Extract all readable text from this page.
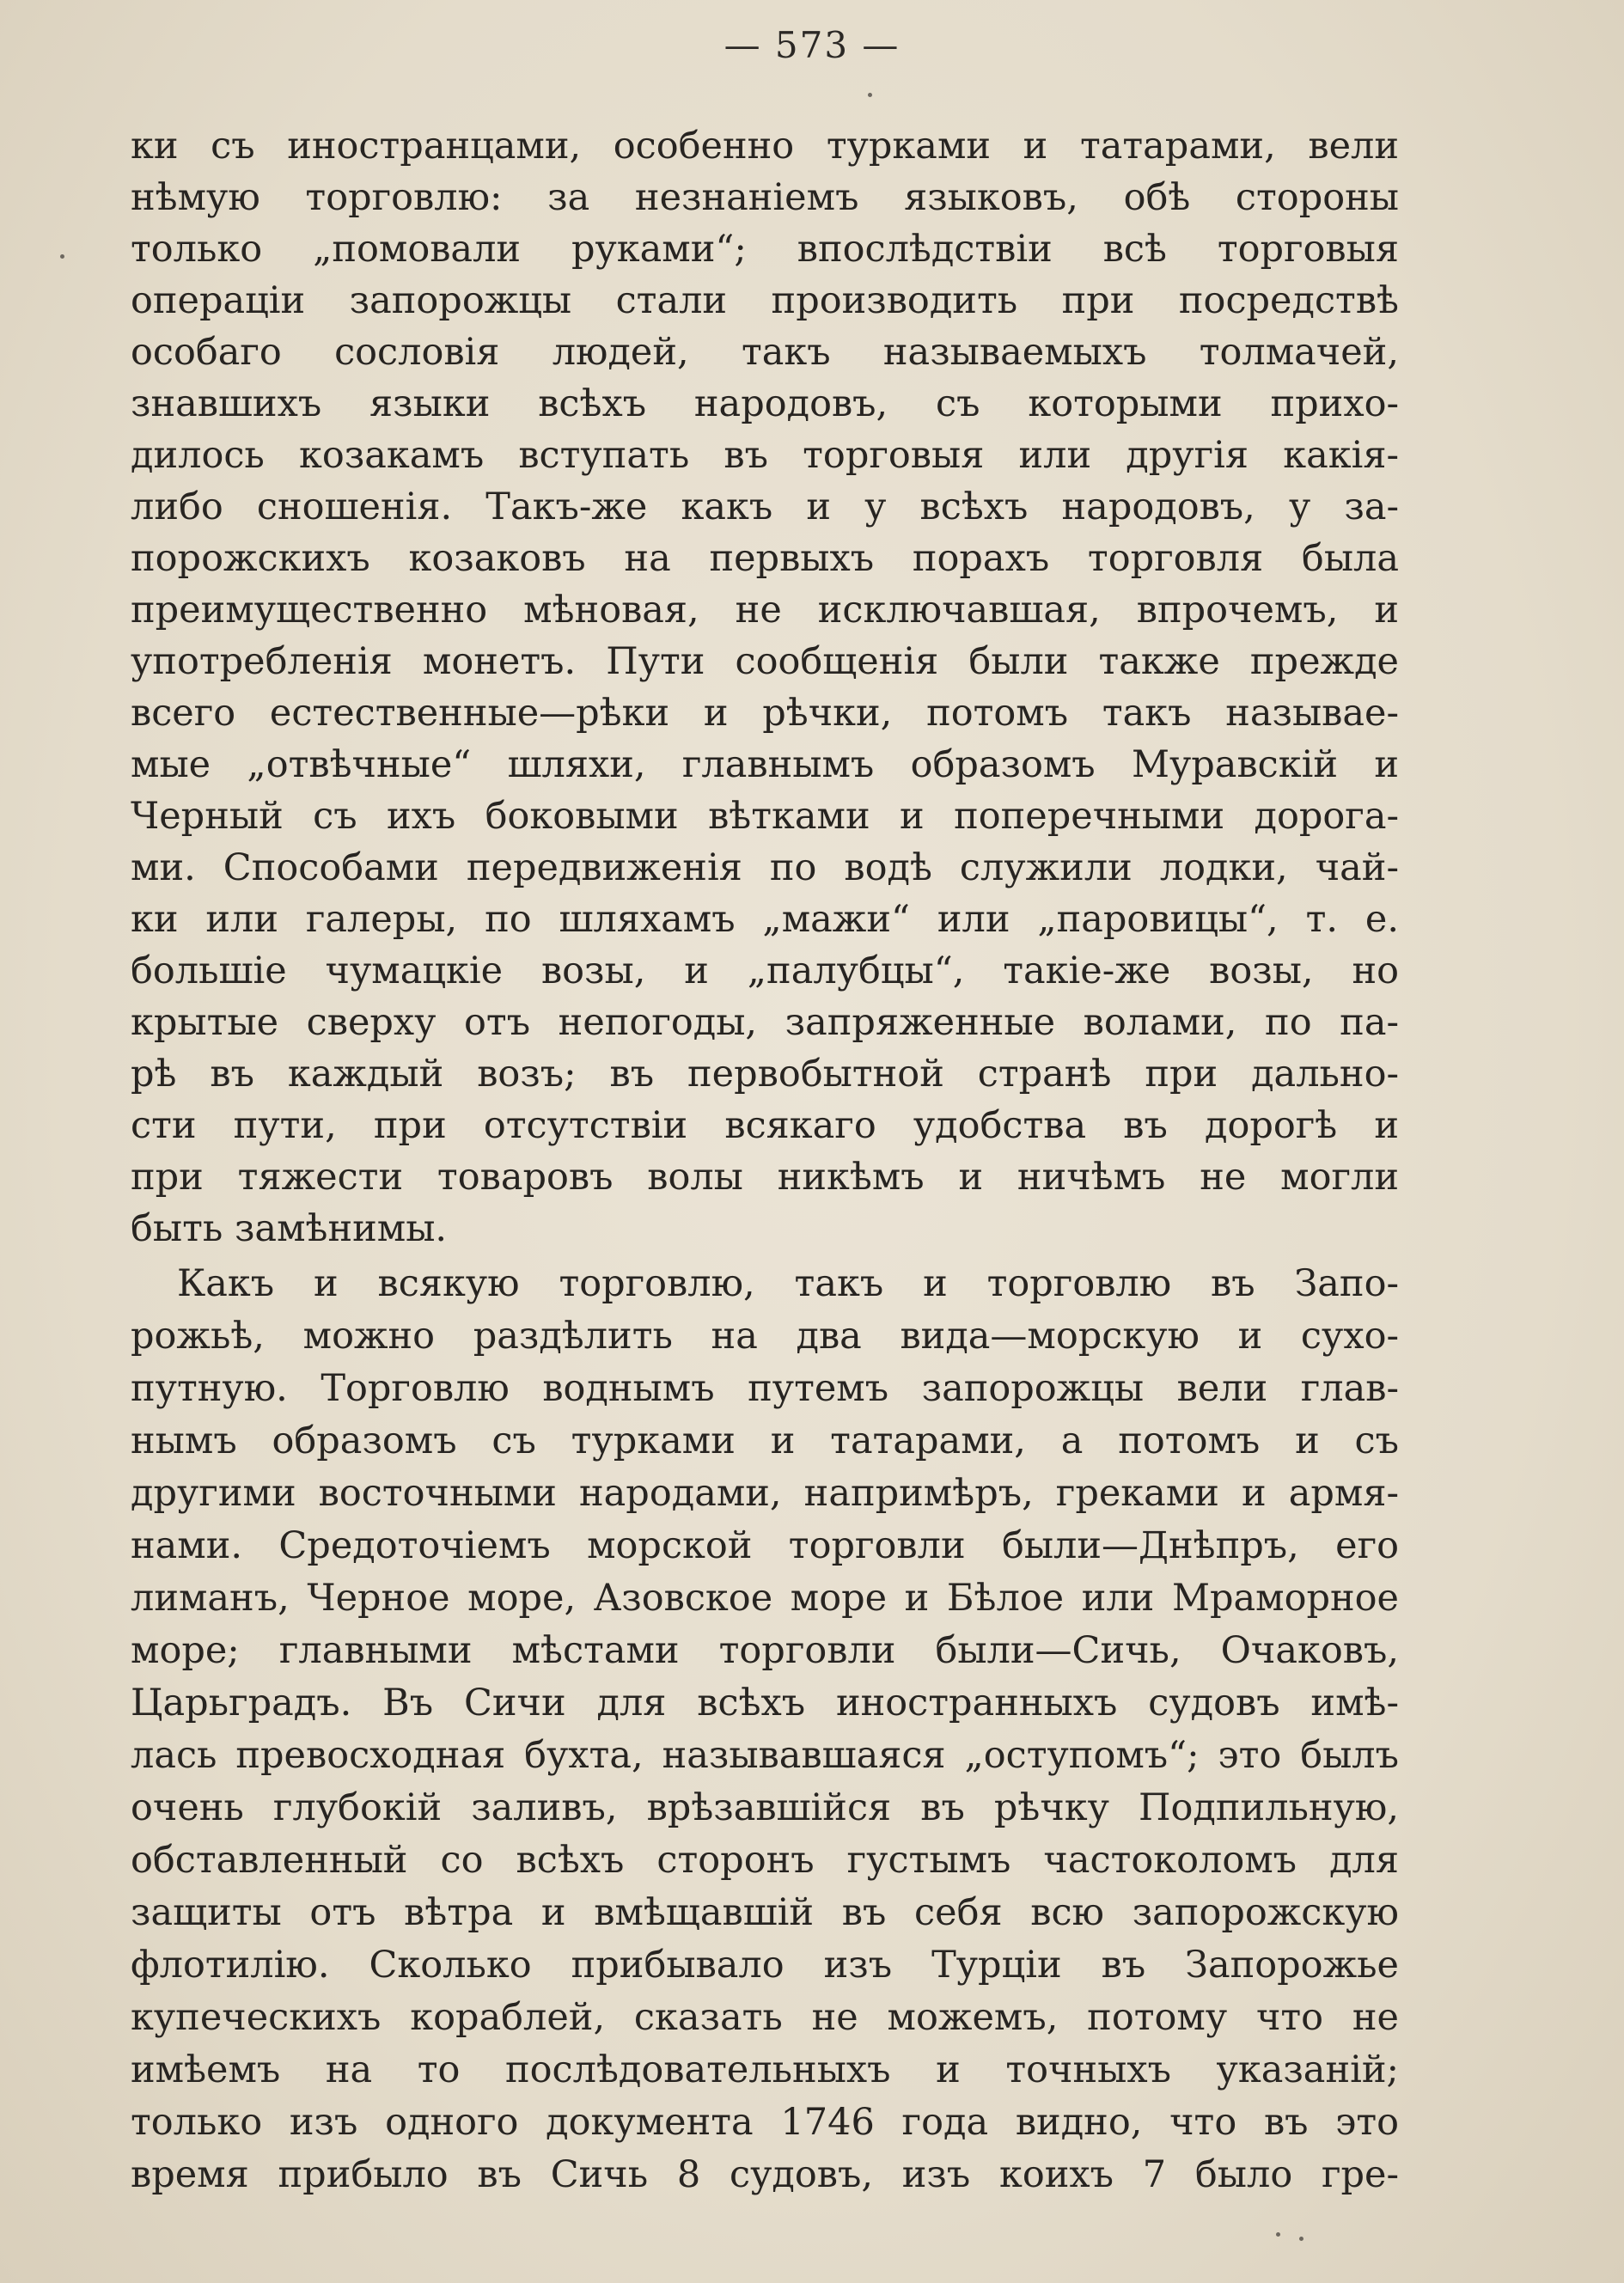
— 573 —
ки съ иностранцами, особенно турками и татарами, вели
нѣмую торговлю: за незнаніемъ языковъ, обѣ стороны
только „помовали руками“; впослѣдствіи всѣ торговыя
операціи запорожцы стали производить при посредствѣ
особаго сословія людей, такъ называемыхъ толмачей,
знавшихъ языки всѣхъ народовъ, съ которыми прихо-
дилось козакамъ вступать въ торговыя или другія какія-
либо сношенія. Такъ-же какъ и у всѣхъ народовъ, у за-
порожскихъ козаковъ на первыхъ порахъ торговля была
преимущественно мѣновая, не исключавшая, впрочемъ, и
употребленія монетъ. Пути сообщенія были также прежде
всего естественные—рѣки и рѣчки, потомъ такъ называе-
мые „отвѣчные“ шляхи, главнымъ образомъ Муравскій и
Черный съ ихъ боковыми вѣтками и поперечными дорога-
ми. Способами передвиженія по водѣ служили лодки, чай-
ки или галеры, по шляхамъ „мажи“ или „паровицы“, т. е.
большіе чумацкіе возы, и „палубцы“, такіе-же возы, но
крытые сверху отъ непогоды, запряженные волами, по па-
рѣ въ каждый возъ; въ первобытной странѣ при дально-
сти пути, при отсутствіи всякаго удобства въ дорогѣ и
при тяжести товаровъ волы никѣмъ и ничѣмъ не могли
быть замѣнимы.
Какъ и всякую торговлю, такъ и торговлю въ Запо-
рожьѣ, можно раздѣлить на два вида—морскую и сухо-
путную. Торговлю воднымъ путемъ запорожцы вели глав-
нымъ образомъ съ турками и татарами, а потомъ и съ
другими восточными народами, напримѣръ, греками и армя-
нами. Средоточіемъ морской торговли были—Днѣпръ, его
лиманъ, Черное море, Азовское море и Бѣлое или Мраморное
море; главными мѣстами торговли были—Сичь, Очаковъ,
Царьградъ. Въ Сичи для всѣхъ иностранныхъ судовъ имѣ-
лась превосходная бухта, называвшаяся „оступомъ“; это былъ
очень глубокій заливъ, врѣзавшійся въ рѣчку Подпильную,
обставленный со всѣхъ сторонъ густымъ частоколомъ для
защиты отъ вѣтра и вмѣщавшій въ себя всю запорожскую
флотилію. Сколько прибывало изъ Турціи въ Запорожье
купеческихъ кораблей, сказать не можемъ, потому что не
имѣемъ на то послѣдовательныхъ и точныхъ указаній;
только изъ одного документа 1746 года видно, что въ это
время прибыло въ Сичь 8 судовъ, изъ коихъ 7 было гре-
